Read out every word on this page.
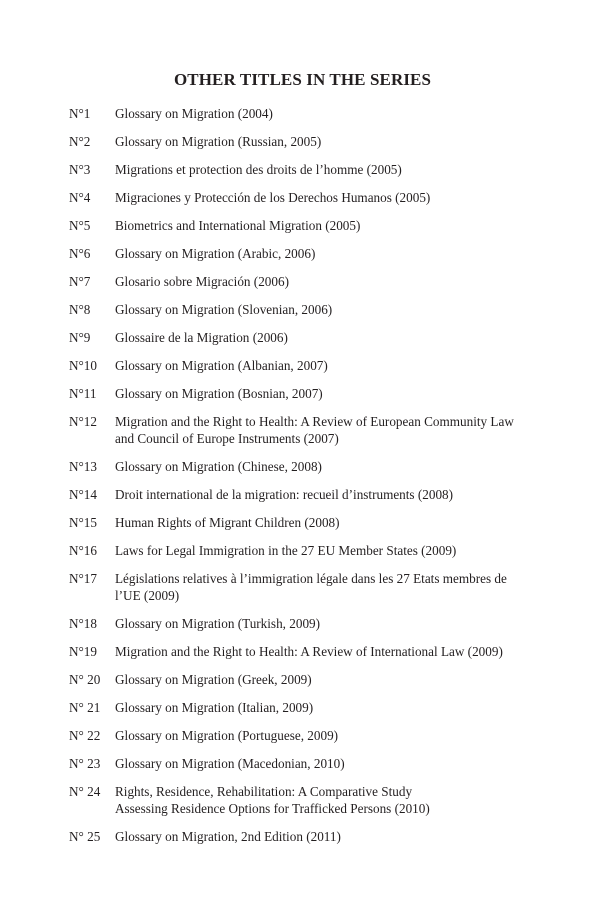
OTHER TITLES IN THE SERIES
N°1 Glossary on Migration (2004)
N°2 Glossary on Migration (Russian, 2005)
N°3 Migrations et protection des droits de l’homme (2005)
N°4 Migraciones y Protección de los Derechos Humanos (2005)
N°5 Biometrics and International Migration (2005)
N°6 Glossary on Migration (Arabic, 2006)
N°7 Glosario sobre Migración (2006)
N°8 Glossary on Migration (Slovenian, 2006)
N°9 Glossaire de la Migration (2006)
N°10 Glossary on Migration (Albanian, 2007)
N°11 Glossary on Migration (Bosnian, 2007)
N°12 Migration and the Right to Health: A Review of European Community Law and Council of Europe Instruments (2007)
N°13 Glossary on Migration (Chinese, 2008)
N°14 Droit international de la migration: recueil d’instruments (2008)
N°15 Human Rights of Migrant Children (2008)
N°16 Laws for Legal Immigration in the 27 EU Member States (2009)
N°17 Législations relatives à l’immigration légale dans les 27 Etats membres de l’UE (2009)
N°18 Glossary on Migration (Turkish, 2009)
N°19 Migration and the Right to Health: A Review of International Law (2009)
N° 20 Glossary on Migration (Greek, 2009)
N° 21 Glossary on Migration (Italian, 2009)
N° 22 Glossary on Migration (Portuguese, 2009)
N° 23 Glossary on Migration (Macedonian, 2010)
N° 24 Rights, Residence, Rehabilitation: A Comparative Study
Assessing Residence Options for Trafficked Persons (2010)
N° 25 Glossary on Migration, 2nd Edition (2011)
